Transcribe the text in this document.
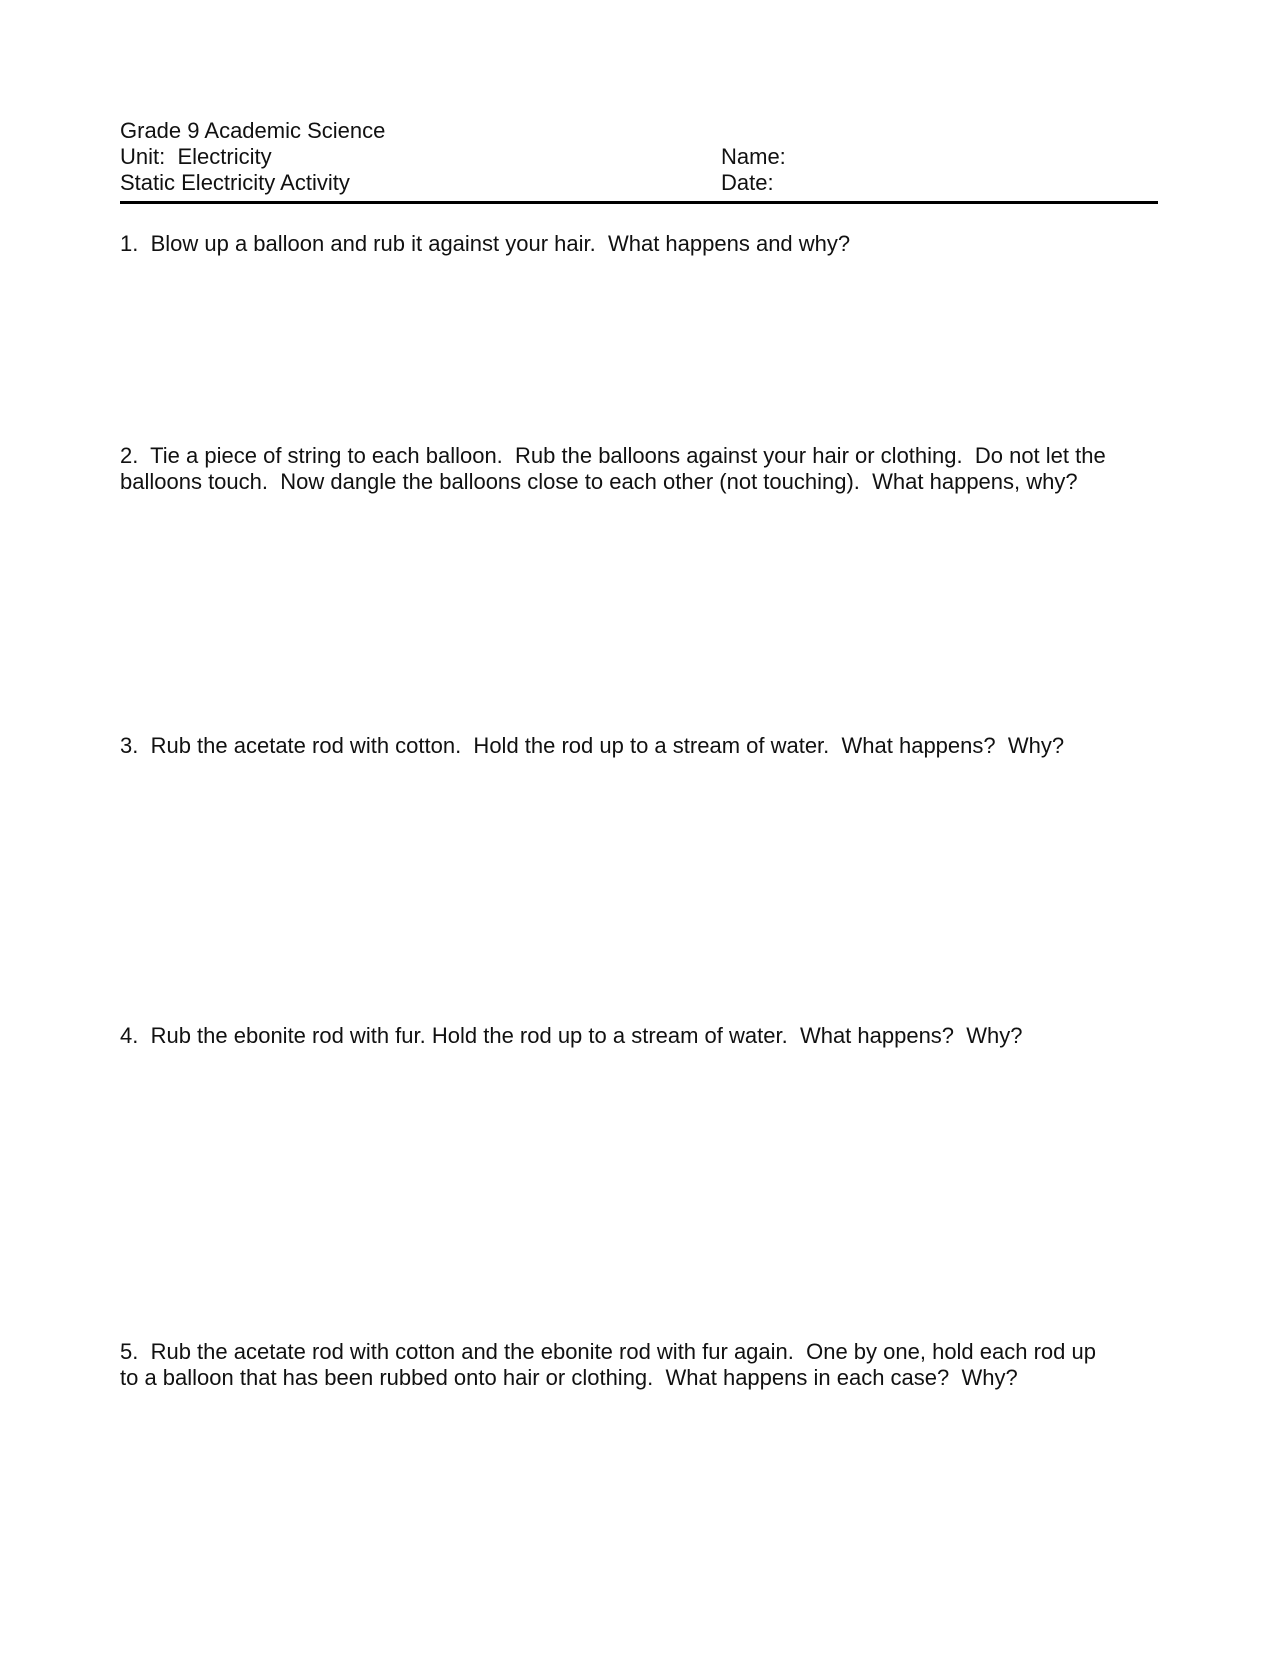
Grade 9 Academic Science
Unit:  Electricity
Static Electricity Activity
Name:
Date:
1.  Blow up a balloon and rub it against your hair.  What happens and why?
2.  Tie a piece of string to each balloon.  Rub the balloons against your hair or clothing.  Do not let the
balloons touch.  Now dangle the balloons close to each other (not touching).  What happens, why?
3.  Rub the acetate rod with cotton.  Hold the rod up to a stream of water.  What happens?  Why?
4.  Rub the ebonite rod with fur. Hold the rod up to a stream of water.  What happens?  Why?
5.  Rub the acetate rod with cotton and the ebonite rod with fur again.  One by one, hold each rod up
to a balloon that has been rubbed onto hair or clothing.  What happens in each case?  Why?
